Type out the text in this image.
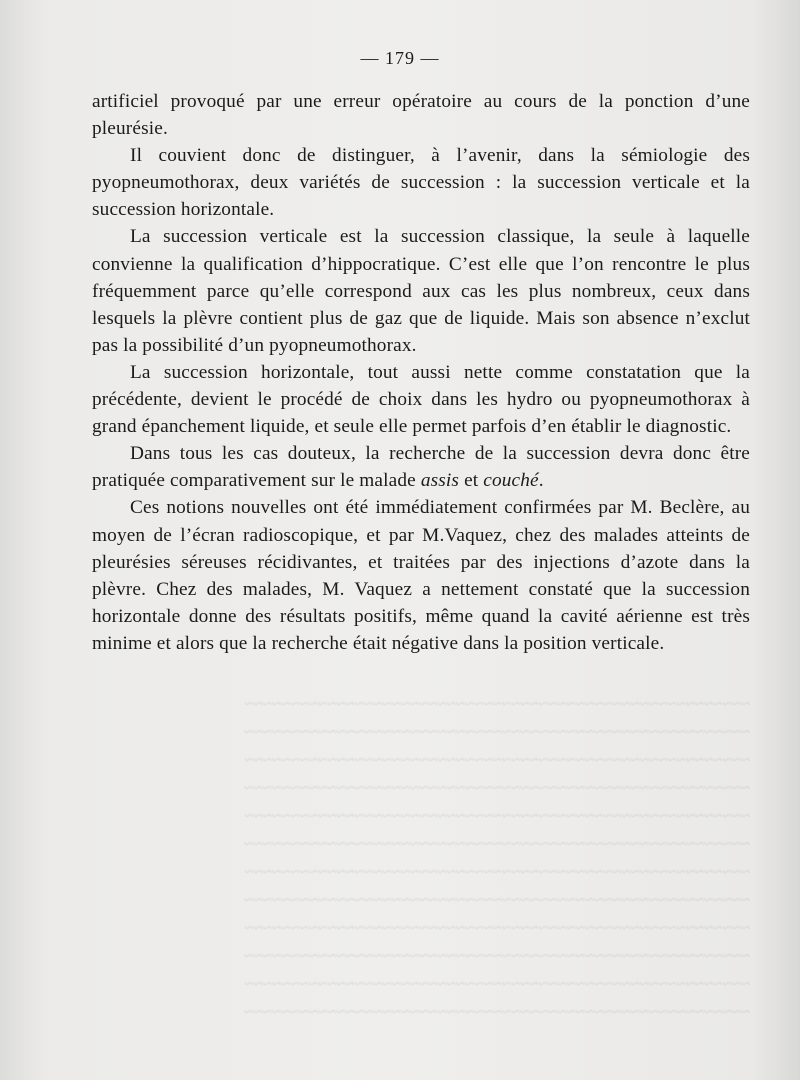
~~~~~~~~~~~~~~~~~~~~~~~~~~~~~~~~~~~~~~~~~~~~~~~~~~~~~~~
~~~~~~~~~~~~~~~~~~~~~~~~~~~~~~~~~~~~~~~~~~~~~~~~~~~~~~~
~~~~~~~~~~~~~~~~~~~~~~~~~~~~~~~~~~~~~~~~~~~~~~~~~~~~~~~
~~~~~~~~~~~~~~~~~~~~~~~~~~~~~~~~~~~~~~~~~~~~~~~~~~~~~~~
~~~~~~~~~~~~~~~~~~~~~~~~~~~~~~~~~~~~~~~~~~~~~~~~~~~~~~~
~~~~~~~~~~~~~~~~~~~~~~~~~~~~~~~~~~~~~~~~~~~~~~~~~~~~~~~
~~~~~~~~~~~~~~~~~~~~~~~~~~~~~~~~~~~~~~~~~~~~~~~~~~~~~~~
~~~~~~~~~~~~~~~~~~~~~~~~~~~~~~~~~~~~~~~~~~~~~~~~~~~~~~~
~~~~~~~~~~~~~~~~~~~~~~~~~~~~~~~~~~~~~~~~~~~~~~~~~~~~~~~
~~~~~~~~~~~~~~~~~~~~~~~~~~~~~~~~~~~~~~~~~~~~~~~~~~~~~~~
~~~~~~~~~~~~~~~~~~~~~~~~~~~~~~~~~~~~~~~~~~~~~~~~~~~~~~~
~~~~~~~~~~~~~~~~~~~~~~~~~~~~~~~~~~~~~~~~~~~~~~~~~~~~~~~
— 179 —

artificiel provoqué par une erreur opératoire au cours de la ponction d’une pleurésie.

Il couvient donc de distinguer, à l’avenir, dans la sémiologie des pyopneumothorax, deux variétés de succession : la succession verticale et la succession horizontale.

La succession verticale est la succession classique, la seule à laquelle convienne la qualification d’hippocratique. C’est elle que l’on rencontre le plus fréquemment parce qu’elle correspond aux cas les plus nombreux, ceux dans lesquels la plèvre contient plus de gaz que de liquide. Mais son absence n’exclut pas la possibilité d’un pyopneumothorax.

La succession horizontale, tout aussi nette comme constatation que la précédente, devient le procédé de choix dans les hydro ou pyopneumothorax à grand épanchement liquide, et seule elle permet parfois d’en établir le diagnostic.

Dans tous les cas douteux, la recherche de la succession devra donc être pratiquée comparativement sur le malade assis et couché.

Ces notions nouvelles ont été immédiatement confirmées par M. Beclère, au moyen de l’écran radioscopique, et par M.Vaquez, chez des malades atteints de pleurésies séreuses récidivantes, et traitées par des injections d’azote dans la plèvre. Chez des malades, M. Vaquez a nettement constaté que la succession horizontale donne des résultats positifs, même quand la cavité aérienne est très minime et alors que la recherche était négative dans la position verticale.
